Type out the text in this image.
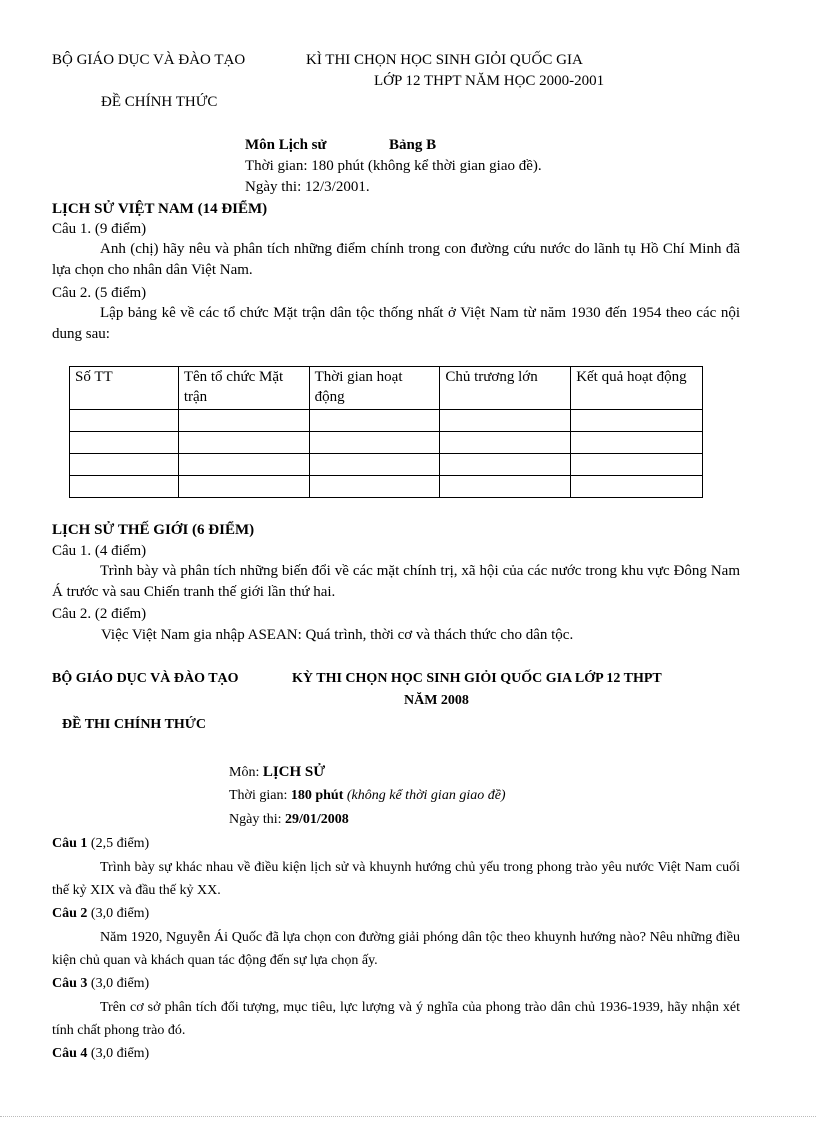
BỘ GIÁO DỤC VÀ ĐÀO TẠO	KÌ THI CHỌN HỌC SINH GIỎI QUỐC GIA
LỚP 12 THPT NĂM HỌC 2000-2001
ĐỀ CHÍNH THỨC
Môn Lịch sử	Bảng B
Thời gian: 180 phút (không kể thời gian giao đề).
Ngày thi: 12/3/2001.
LỊCH SỬ VIỆT NAM (14 ĐIỂM)
Câu 1. (9 điểm)
Anh (chị) hãy nêu và phân tích những điểm chính trong con đường cứu nước do lãnh tụ Hồ Chí Minh đã lựa chọn cho nhân dân Việt Nam.
Câu 2. (5 điểm)
Lập bảng kê về các tổ chức Mặt trận dân tộc thống nhất ở Việt Nam từ năm 1930 đến 1954 theo các nội dung sau:
Số TT	Tên tổ chức Mặt trận	Thời gian hoạt động	Chủ trương lớn	Kết quả hoạt động

LỊCH SỬ THẾ GIỚI (6 ĐIỂM)
Câu 1. (4 điểm)
Trình bày và phân tích những biến đổi về các mặt chính trị, xã hội của các nước trong khu vực Đông Nam Á trước và sau Chiến tranh thế giới lần thứ hai.
Câu 2. (2 điểm)
Việc Việt Nam gia nhập ASEAN: Quá trình, thời cơ và thách thức cho dân tộc.
BỘ GIÁO DỤC VÀ ĐÀO TẠO	KỲ THI CHỌN HỌC SINH GIỎI QUỐC GIA LỚP 12 THPT
NĂM 2008
ĐỀ THI CHÍNH THỨC
Môn: LỊCH SỬ
Thời gian: 180 phút (không kể thời gian giao đề)
Ngày thi: 29/01/2008
Câu 1 (2,5 điểm)
Trình bày sự khác nhau về điều kiện lịch sử và khuynh hướng chủ yếu trong phong trào yêu nước Việt Nam cuối thế kỷ XIX và đầu thế kỷ XX.
Câu 2 (3,0 điểm)
Năm 1920, Nguyễn Ái Quốc đã lựa chọn con đường giải phóng dân tộc theo khuynh hướng nào? Nêu những điều kiện chủ quan và khách quan tác động đến sự lựa chọn ấy.
Câu 3 (3,0 điểm)
Trên cơ sở phân tích đối tượng, mục tiêu, lực lượng và ý nghĩa của phong trào dân chủ 1936-1939, hãy nhận xét tính chất phong trào đó.
Câu 4 (3,0 điểm)
